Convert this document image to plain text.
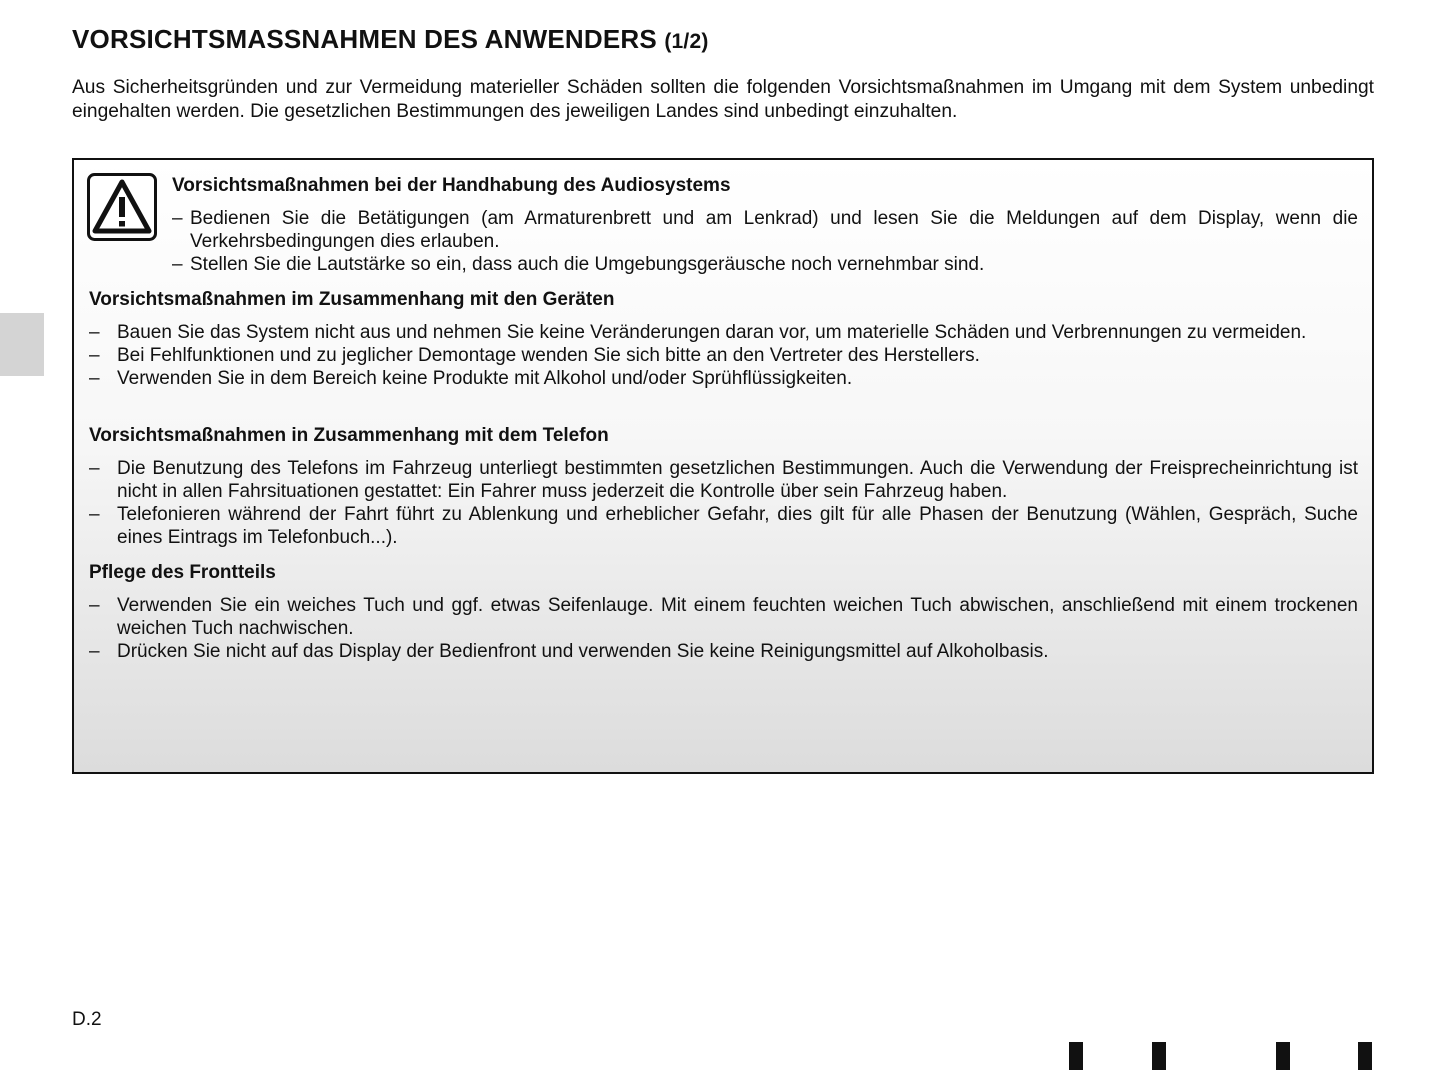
VORSICHTSMASSNAHMEN DES ANWENDERS (1/2)

Aus Sicherheitsgründen und zur Vermeidung materieller Schäden sollten die folgenden Vorsichtsmaßnahmen im Umgang mit dem System unbedingt eingehalten werden. Die gesetzlichen Bestimmungen des jeweiligen Landes sind unbedingt einzuhalten.

Vorsichtsmaßnahmen bei der Handhabung des Audiosystems
– Bedienen Sie die Betätigungen (am Armaturenbrett und am Lenkrad) und lesen Sie die Meldungen auf dem Display, wenn die Verkehrsbedingungen dies erlauben.
– Stellen Sie die Lautstärke so ein, dass auch die Umgebungsgeräusche noch vernehmbar sind.
Vorsichtsmaßnahmen im Zusammenhang mit den Geräten
– Bauen Sie das System nicht aus und nehmen Sie keine Veränderungen daran vor, um materielle Schäden und Verbrennungen zu vermeiden.
– Bei Fehlfunktionen und zu jeglicher Demontage wenden Sie sich bitte an den Vertreter des Herstellers.
– Verwenden Sie in dem Bereich keine Produkte mit Alkohol und/oder Sprühflüssigkeiten.
Vorsichtsmaßnahmen in Zusammenhang mit dem Telefon
– Die Benutzung des Telefons im Fahrzeug unterliegt bestimmten gesetzlichen Bestimmungen. Auch die Verwendung der Freisprecheinrichtung ist nicht in allen Fahrsituationen gestattet: Ein Fahrer muss jederzeit die Kontrolle über sein Fahrzeug haben.
– Telefonieren während der Fahrt führt zu Ablenkung und erheblicher Gefahr, dies gilt für alle Phasen der Benutzung (Wählen, Gespräch, Suche eines Eintrags im Telefonbuch...).
Pflege des Frontteils
– Verwenden Sie ein weiches Tuch und ggf. etwas Seifenlauge. Mit einem feuchten weichen Tuch abwischen, anschließend mit einem trockenen weichen Tuch nachwischen.
– Drücken Sie nicht auf das Display der Bedienfront und verwenden Sie keine Reinigungsmittel auf Alkoholbasis.

D.2
